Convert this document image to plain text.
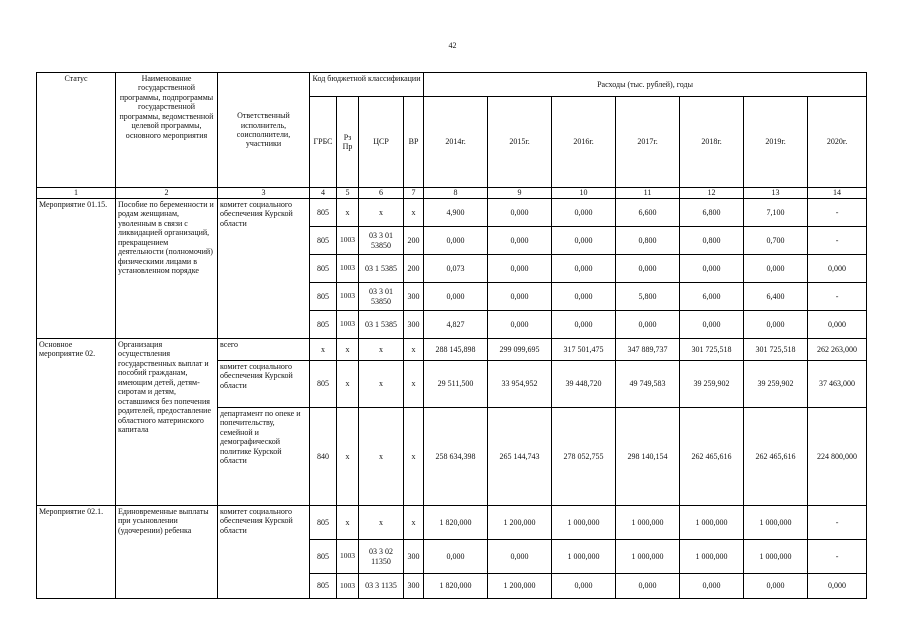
42
Статус	Наименование государственной программы, подпрограммы государственной программы, ведомственной целевой программы, основного мероприятия	Ответственный исполнитель, соисполнители, участники	Код бюджетной классификации				Расходы (тыс. рублей), годы						
			ГРБС	Рз Пр	ЦСР	ВР	2014г.	2015г.	2016г.	2017г.	2018г.	2019г.	2020г.
1	2	3	4	5	6	7	8	9	10	11	12	13	14
Мероприятие 01.15.	Пособие по беременности и родам женщинам, уволенным в связи с ликвидацией организаций, прекращением деятельности (полномочий) физическими лицами в установленном порядке	комитет социального обеспечения Курской области	805	х	х	х	4,900	0,000	0,000	6,600	6,800	7,100	-
			805	1003	03 3 01 53850	200	0,000	0,000	0,000	0,800	0,800	0,700	-
			805	1003	03 1 5385	200	0,073	0,000	0,000	0,000	0,000	0,000	0,000
			805	1003	03 3 01 53850	300	0,000	0,000	0,000	5,800	6,000	6,400	-
			805	1003	03 1 5385	300	4,827	0,000	0,000	0,000	0,000	0,000	0,000
Основное мероприятие 02.	Организация осуществления государственных выплат и пособий гражданам, имеющим детей, детям-сиротам и детям, оставшимся без попечения родителей, предоставление областного материнского капитала	всего	х	х	х	х	288 145,898	299 099,695	317 501,475	347 889,737	301 725,518	301 725,518	262 263,000
		комитет социального обеспечения Курской области	805	х	х	х	29 511,500	33 954,952	39 448,720	49 749,583	39 259,902	39 259,902	37 463,000
		департамент по опеке и попечительству, семейной и демографической политике Курской области	840	х	х	х	258 634,398	265 144,743	278 052,755	298 140,154	262 465,616	262 465,616	224 800,000
Мероприятие 02.1.	Единовременные выплаты при усыновлении (удочерении) ребенка	комитет социального обеспечения Курской области	805	х	х	х	1 820,000	1 200,000	1 000,000	1 000,000	1 000,000	1 000,000	-
			805	1003	03 3 02 11350	300	0,000	0,000	1 000,000	1 000,000	1 000,000	1 000,000	-
			805	1003	03 3 1135	300	1 820,000	1 200,000	0,000	0,000	0,000	0,000	0,000
